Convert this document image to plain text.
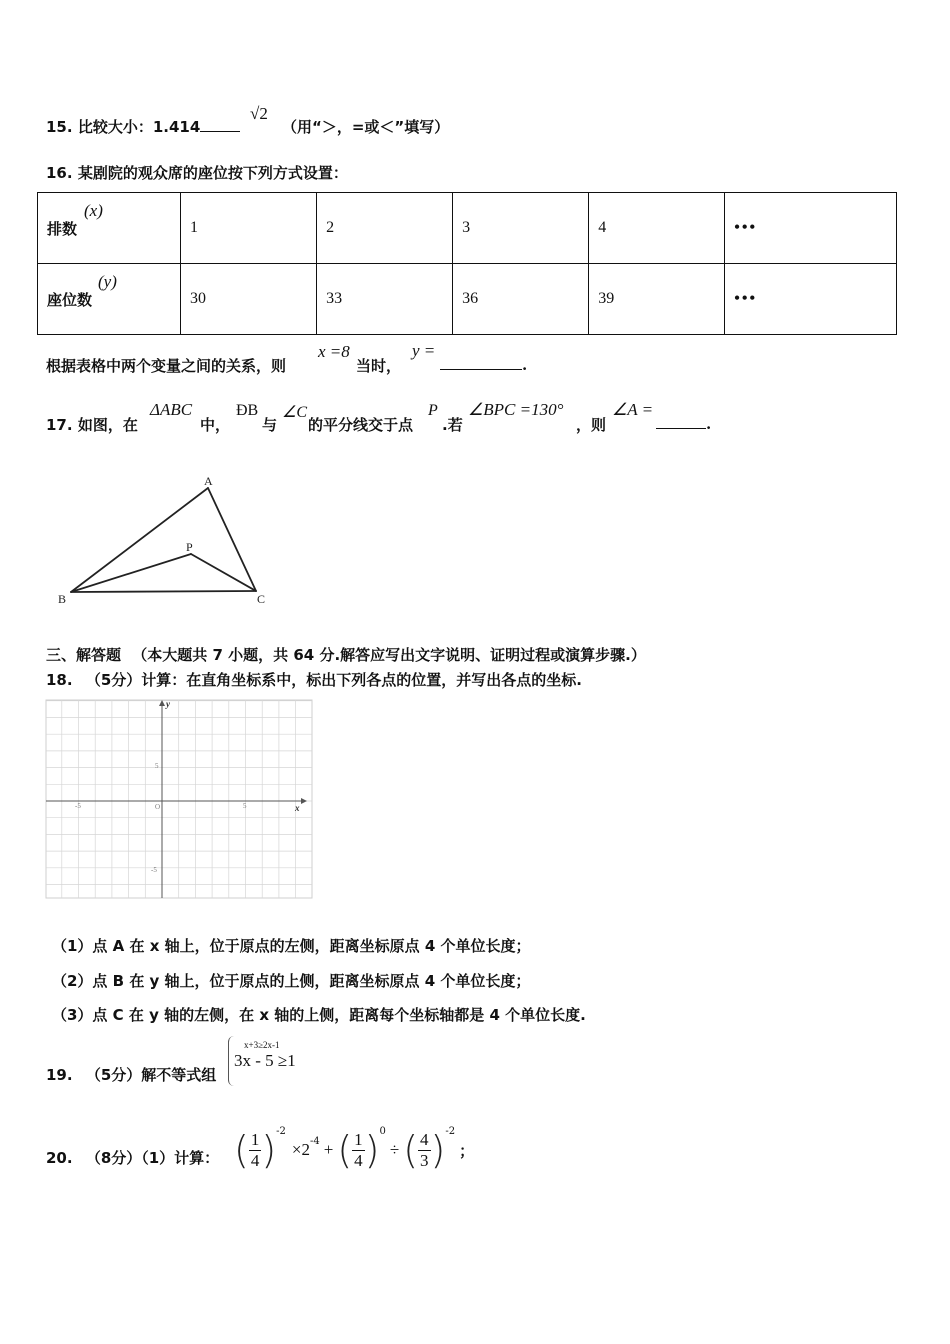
15. 比较大小：1.414
√2
（用“＞，=或＜”填写）
16. 某剧院的观众席的座位按下列方式设置：
排数
(x)	1	2	3	4	•••
座位数
(y)	30	33	36	39	•••
根据表格中两个变量之间的关系，则
x =8
当时，
y =
.
17. 如图，在
ΔABC
中，
ÐB
与
∠C
的平分线交于点
P
.若
∠BPC =130°
，则
∠A =
.
A
B	C
P
三、解答题 （本大题共 7 小题，共 64 分.解答应写出文字说明、证明过程或演算步骤.）
18. （5分）计算：在直角坐标系中，标出下列各点的位置，并写出各点的坐标.
-5	5
5
-5
O	x
y
（1）点 A 在 x 轴上，位于原点的左侧，距离坐标原点 4 个单位长度；
（2）点 B 在 y 轴上，位于原点的上侧，距离坐标原点 4 个单位长度；
（3）点 C 在 y 轴的左侧，在 x 轴的上侧，距离每个坐标轴都是 4 个单位长度.
19. （5分）解不等式组
x+3≥2x-1
3x - 5 ≥1
20. （8分）（1）计算： ( $\frac{1}{4} )^{-2}$
$\times 2^{-4}$ + ( $\frac{1}{4} )^0$
÷ ( $\frac{4}{3} )^{-2}$
；
